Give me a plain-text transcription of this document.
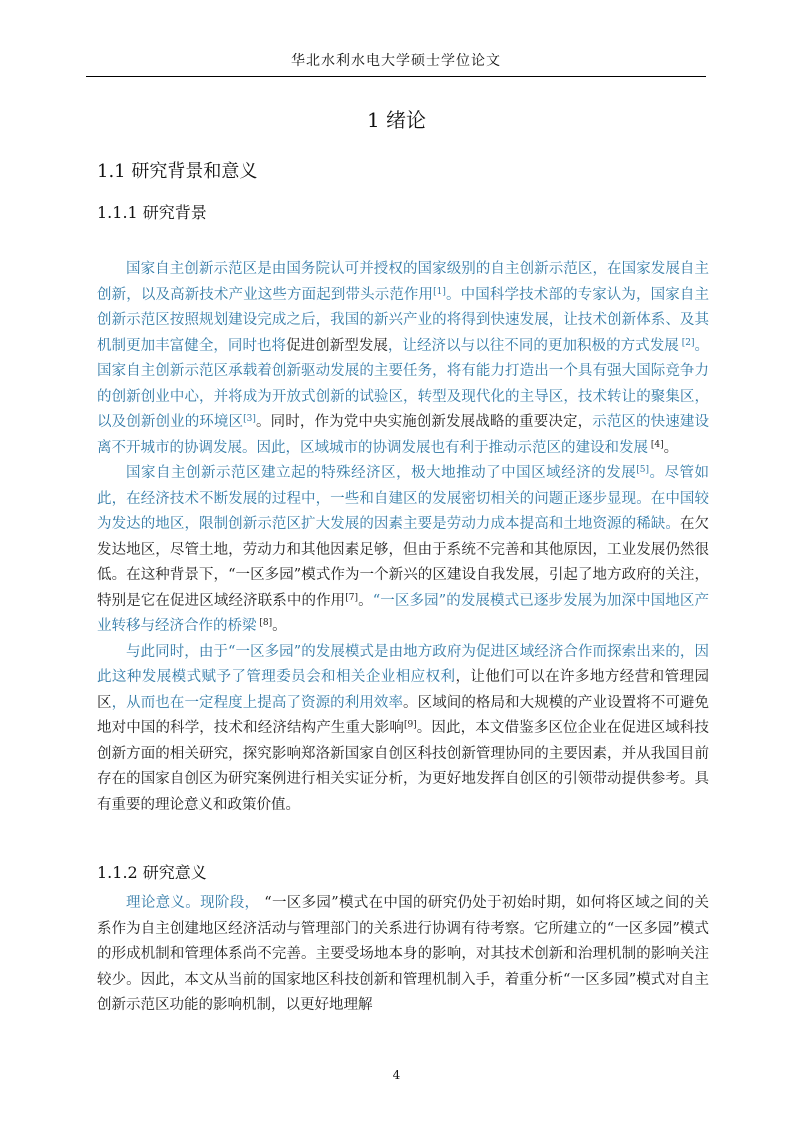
华北水利水电大学硕士学位论文
1 绪论
1.1 研究背景和意义
1.1.1 研究背景

国家自主创新示范区是由国务院认可并授权的国家级别的自主创新示范区，在国家发展自主创新，以及高新技术产业这些方面起到带头示范作用[1]。中国科学技术部的专家认为，国家自主创新示范区按照规划建设完成之后，我国的新兴产业的将得到快速发展，让技术创新体系、及其机制更加丰富健全，同时也将促进创新型发展，让经济以与以往不同的更加积极的方式发展 [2]。国家自主创新示范区承载着创新驱动发展的主要任务，将有能力打造出一个具有强大国际竞争力的创新创业中心，并将成为开放式创新的试验区，转型及现代化的主导区，技术转让的聚集区，以及创新创业的环境区[3]。同时，作为党中央实施创新发展战略的重要决定，示范区的快速建设离不开城市的协调发展。因此，区域城市的协调发展也有利于推动示范区的建设和发展 [4]。

国家自主创新示范区建立起的特殊经济区，极大地推动了中国区域经济的发展[5]。尽管如此，在经济技术不断发展的过程中，一些和自建区的发展密切相关的问题正逐步显现。在中国较为发达的地区，限制创新示范区扩大发展的因素主要是劳动力成本提高和土地资源的稀缺。在欠发达地区，尽管土地，劳动力和其他因素足够，但由于系统不完善和其他原因，工业发展仍然很低。在这种背景下，“一区多园”模式作为一个新兴的区建设自我发展，引起了地方政府的关注，特别是它在促进区域经济联系中的作用[7]。“一区多园”的发展模式已逐步发展为加深中国地区产业转移与经济合作的桥梁 [8]。

与此同时，由于“一区多园”的发展模式是由地方政府为促进区域经济合作而探索出来的，因此这种发展模式赋予了管理委员会和相关企业相应权利，让他们可以在许多地方经营和管理园区，从而也在一定程度上提高了资源的利用效率。区域间的格局和大规模的产业设置将不可避免地对中国的科学，技术和经济结构产生重大影响[9]。因此，本文借鉴多区位企业在促进区域科技创新方面的相关研究，探究影响郑洛新国家自创区科技创新管理协同的主要因素，并从我国目前存在的国家自创区为研究案例进行相关实证分析，为更好地发挥自创区的引领带动提供参考。具有重要的理论意义和政策价值。

1.1.2 研究意义

理论意义。现阶段， “一区多园”模式在中国的研究仍处于初始时期，如何将区域之间的关系作为自主创建地区经济活动与管理部门的关系进行协调有待考察。它所建立的“一区多园”模式的形成机制和管理体系尚不完善。主要受场地本身的影响，对其技术创新和治理机制的影响关注较少。因此，本文从当前的国家地区科技创新和管理机制入手，着重分析“一区多园”模式对自主创新示范区功能的影响机制，以更好地理解

4
